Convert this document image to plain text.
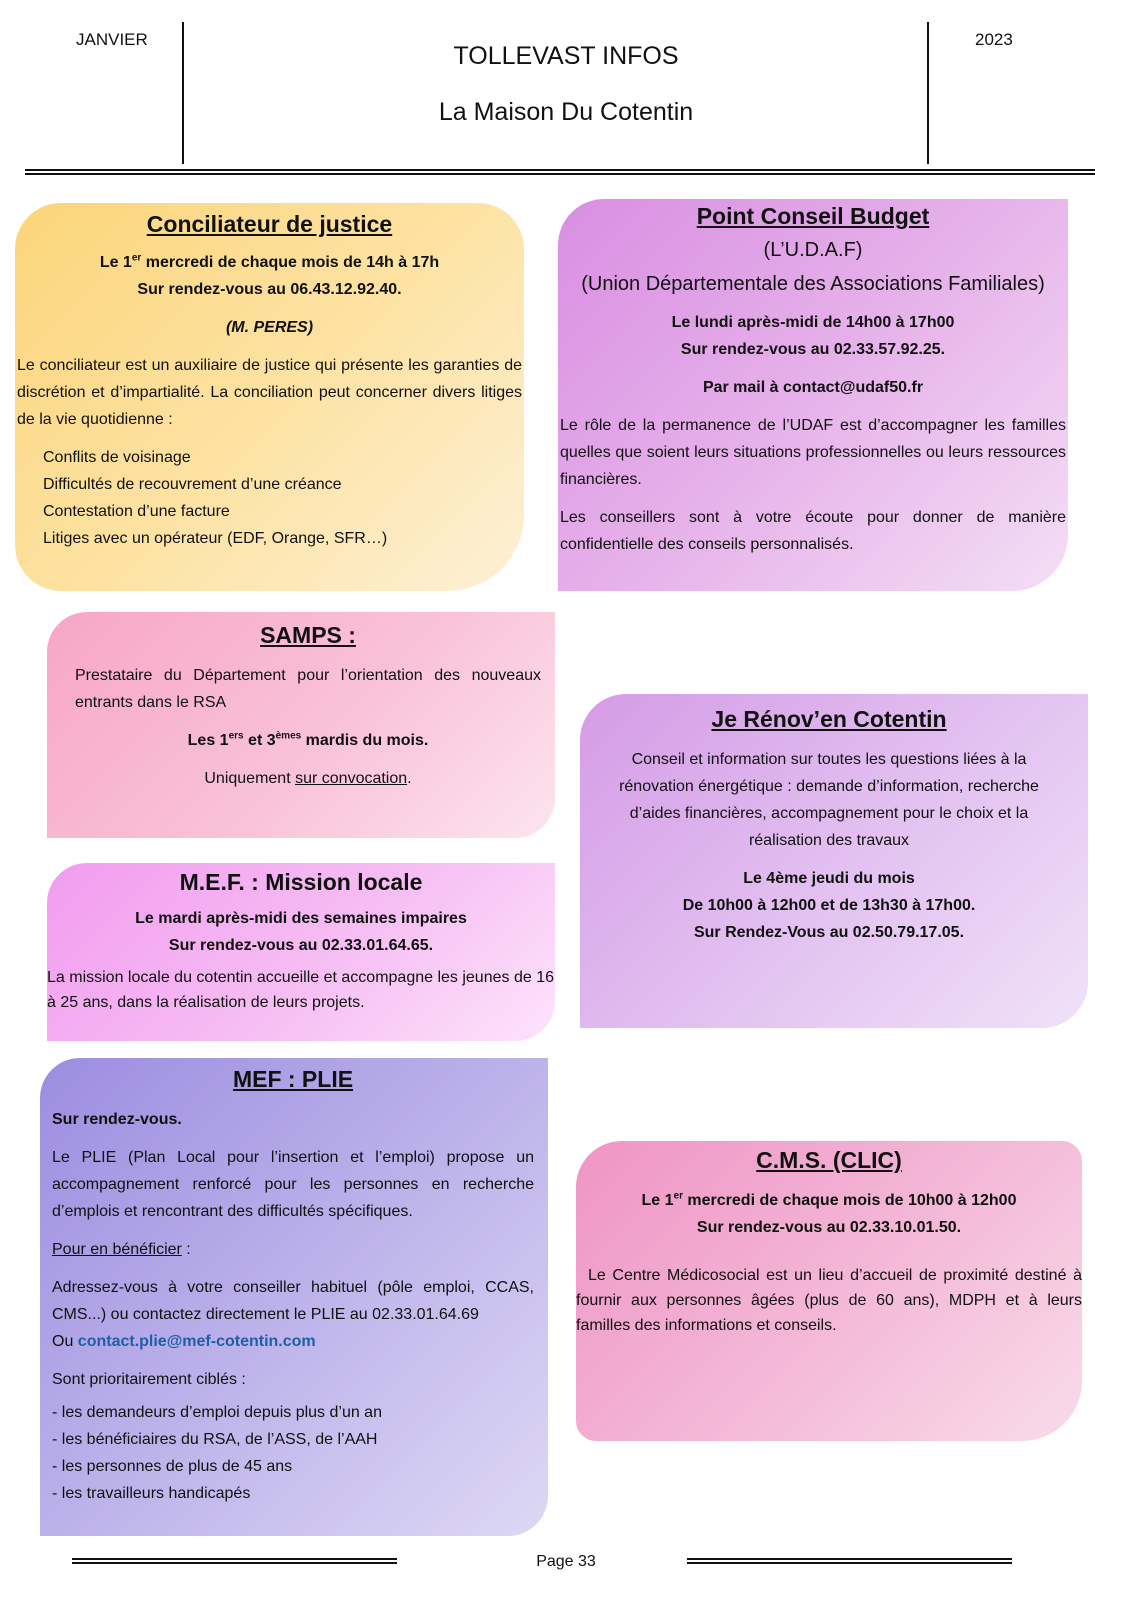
JANVIER	2023
TOLLEVAST INFOS
La Maison Du Cotentin
Conciliateur de justice

Le 1er mercredi de chaque mois de 14h à 17h

Sur rendez-vous au 06.43.12.92.40.

(M. PERES)

Le conciliateur est un auxiliaire de justice qui présente les garanties de discrétion et d’impartialité. La conciliation peut concerner divers litiges de la vie quotidienne :

Conflits de voisinage

Difficultés de recouvrement d’une créance

Contestation d’une facture

Litiges avec un opérateur (EDF, Orange, SFR…)

Point Conseil Budget

(L’U.D.A.F)

(Union Départementale des Associations Familiales)

Le lundi après-midi de 14h00 à 17h00

Sur rendez-vous au 02.33.57.92.25.

Par mail à contact@udaf50.fr

Le rôle de la permanence de l’UDAF est d’accompagner les familles quelles que soient leurs situations professionnelles ou leurs ressources financières.

Les conseillers sont à votre écoute pour donner de manière confidentielle des conseils personnalisés.

SAMPS :

Prestataire du Département pour l’orientation des nouveaux entrants dans le RSA

Les 1ers et 3èmes mardis du mois.

Uniquement sur convocation.

Je Rénov’en Cotentin

Conseil et information sur toutes les questions liées à la rénovation énergétique : demande d’information, recherche d’aides financières, accompagnement pour le choix et la réalisation des travaux

Le 4ème jeudi du mois

De 10h00 à 12h00 et de 13h30 à 17h00.

Sur Rendez-Vous au 02.50.79.17.05.

M.E.F. : Mission locale

Le mardi après-midi des semaines impaires

Sur rendez-vous au 02.33.01.64.65.

La mission locale du cotentin accueille et accompagne les jeunes de 16 à 25 ans, dans la réalisation de leurs projets.

MEF : PLIE

Sur rendez-vous.

Le PLIE (Plan Local pour l’insertion et l’emploi) propose un accompagnement renforcé pour les personnes en recherche d’emplois et rencontrant des difficultés spécifiques.

Pour en bénéficier :

Adressez-vous à votre conseiller habituel (pôle emploi, CCAS, CMS...) ou contactez directement le PLIE au 02.33.01.64.69

Ou contact.plie@mef-cotentin.com

Sont prioritairement ciblés :

- les demandeurs d’emploi depuis plus d’un an

- les bénéficiaires du RSA, de l’ASS, de l’AAH

- les personnes de plus de 45 ans

- les travailleurs handicapés

C.M.S. (CLIC)

Le 1er mercredi de chaque mois de 10h00 à 12h00

Sur rendez-vous au 02.33.10.01.50.

Le Centre Médicosocial est un lieu d’accueil de proximité destiné à fournir aux personnes âgées (plus de 60 ans), MDPH et à leurs familles des informations et conseils.

Page 33
